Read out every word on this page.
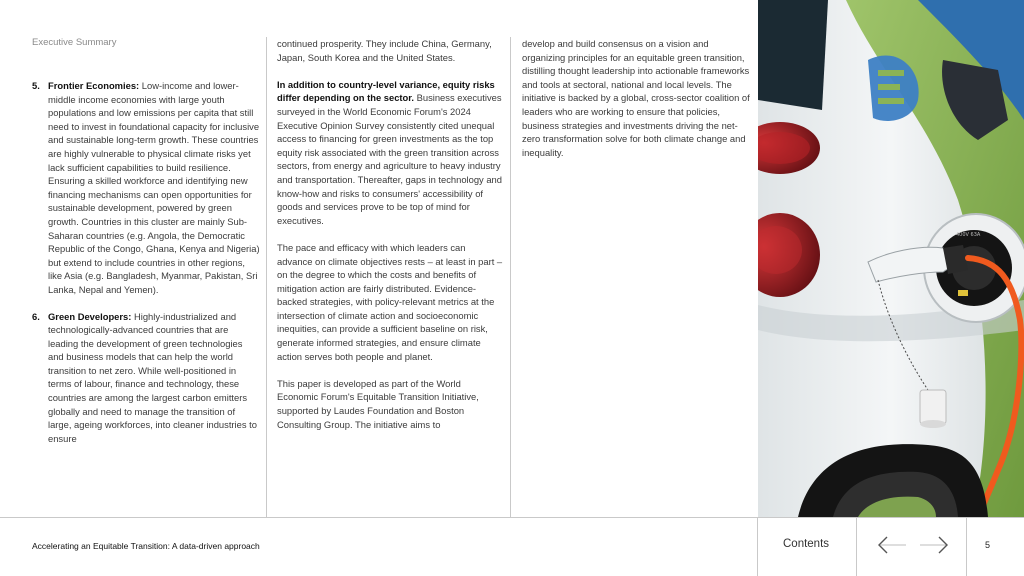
Executive Summary
5. Frontier Economies: Low-income and lower-middle income economies with large youth populations and low emissions per capita that still need to invest in foundational capacity for inclusive and sustainable long-term growth. These countries are highly vulnerable to physical climate risks yet lack sufficient capabilities to build resilience. Ensuring a skilled workforce and identifying new financing mechanisms can open opportunities for sustainable development, powered by green growth. Countries in this cluster are mainly Sub-Saharan countries (e.g. Angola, the Democratic Republic of the Congo, Ghana, Kenya and Nigeria) but extend to include countries in other regions, like Asia (e.g. Bangladesh, Myanmar, Pakistan, Sri Lanka, Nepal and Yemen).
6. Green Developers: Highly-industrialized and technologically-advanced countries that are leading the development of green technologies and business models that can help the world transition to net zero. While well-positioned in terms of labour, finance and technology, these countries are among the largest carbon emitters globally and need to manage the transition of large, ageing workforces, into cleaner industries to ensure

continued prosperity. They include China, Germany, Japan, South Korea and the United States.

In addition to country-level variance, equity risks differ depending on the sector. Business executives surveyed in the World Economic Forum's 2024 Executive Opinion Survey consistently cited unequal access to financing for green investments as the top equity risk associated with the green transition across sectors, from energy and agriculture to heavy industry and transportation. Thereafter, gaps in technology and know-how and risks to consumers' accessibility of goods and services prove to be top of mind for executives.

The pace and efficacy with which leaders can advance on climate objectives rests – at least in part – on the degree to which the costs and benefits of mitigation action are fairly distributed. Evidence-backed strategies, with policy-relevant metrics at the intersection of climate action and socioeconomic inequities, can provide a sufficient baseline on risk, generate informed strategies, and ensure climate action serves both people and planet.

This paper is developed as part of the World Economic Forum's Equitable Transition Initiative, supported by Laudes Foundation and Boston Consulting Group. The initiative aims to

develop and build consensus on a vision and organizing principles for an equitable green transition, distilling thought leadership into actionable frameworks and tools at sectoral, national and local levels. The initiative is backed by a global, cross-sector coalition of leaders who are working to ensure that policies, business strategies and investments driving the net-zero transformation solve for both climate change and inequality.

400V 63A
Accelerating an Equitable Transition: A data-driven approach	Contents	5
